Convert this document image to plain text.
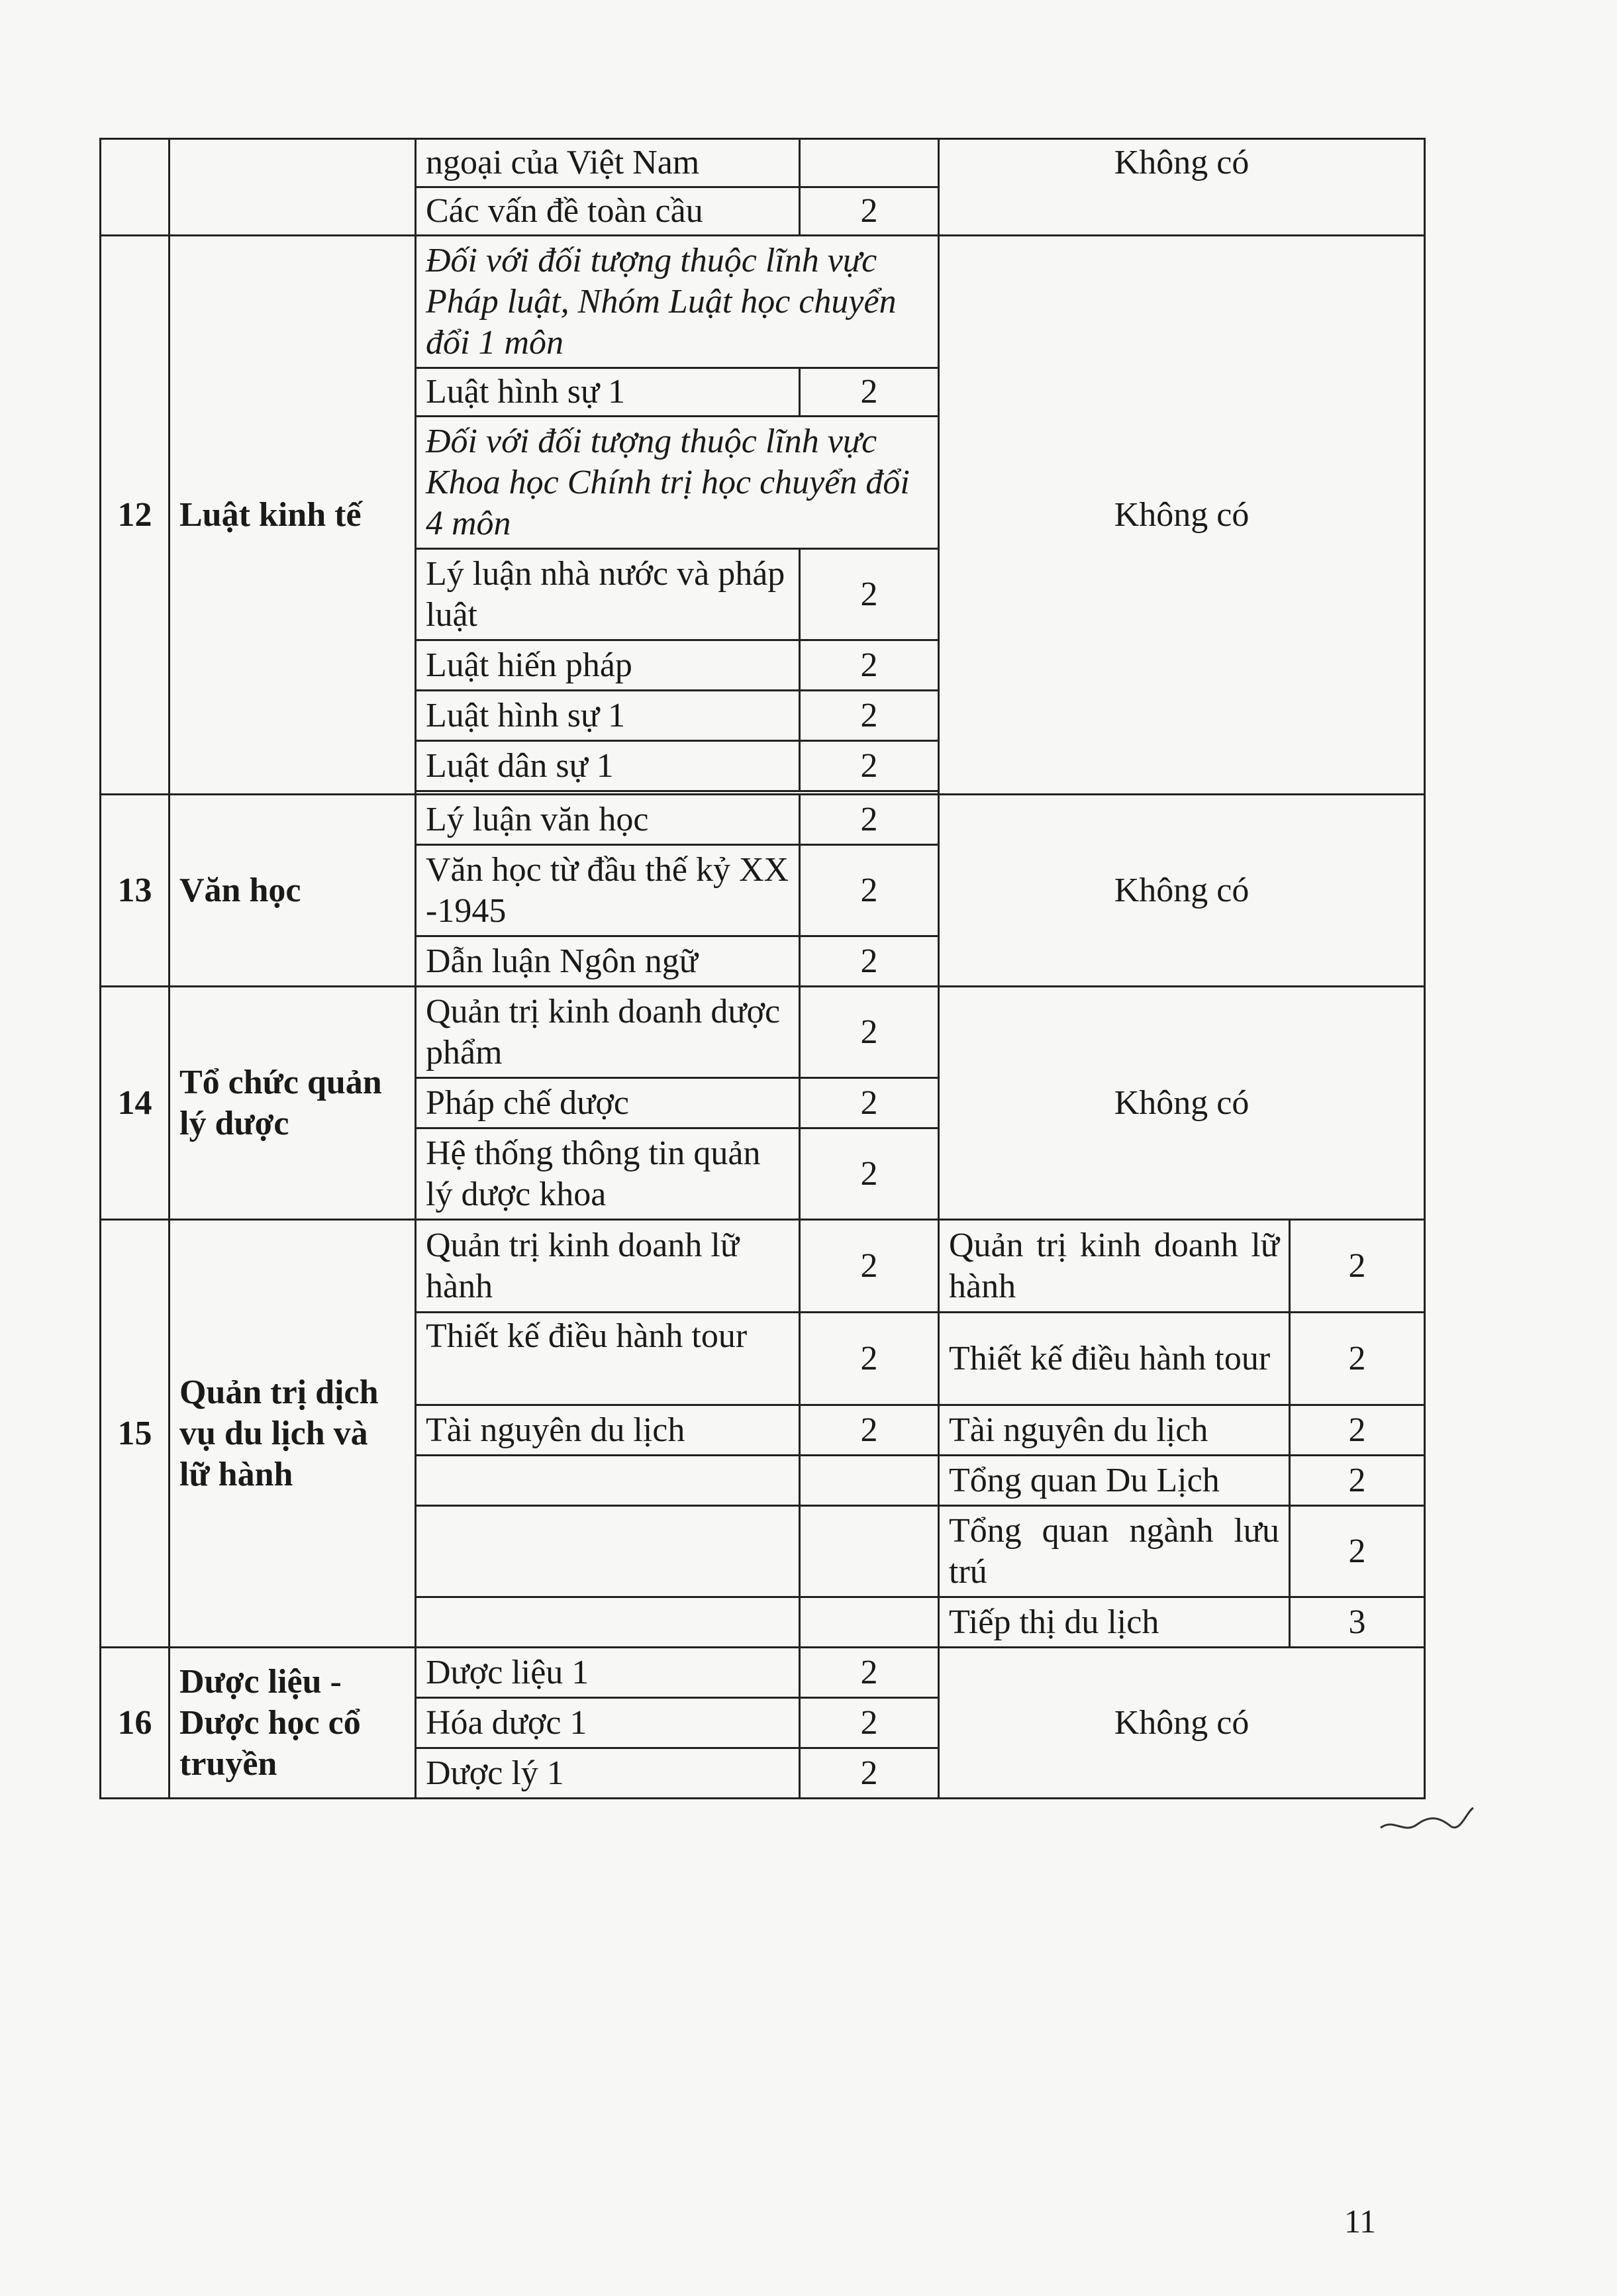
		ngoại của Việt Nam		Không có	
		Các vấn đề toàn cầu	2		
12	Luật kinh tế	Đối với đối tượng thuộc lĩnh vực Pháp luật, Nhóm Luật học chuyển đổi 1 môn		Không có	
		Luật hình sự 1	2		
		Đối với đối tượng thuộc lĩnh vực Khoa học Chính trị học chuyển đổi 4 môn			
		Lý luận nhà nước và pháp luật	2		
		Luật hiến pháp	2		
		Luật hình sự 1	2		
		Luật dân sự 1	2		

13	Văn học	Lý luận văn học	2	Không có	
		Văn học từ đầu thế kỷ XX -1945	2		
		Dẫn luận Ngôn ngữ	2		
14	Tổ chức quản lý dược	Quản trị kinh doanh dược phẩm	2	Không có	
		Pháp chế dược	2		
		Hệ thống thông tin quản lý dược khoa	2		
15	Quản trị dịch vụ du lịch và lữ hành	Quản trị kinh doanh lữ hành	2	Quản trị kinh doanh lữ hành	2
		Thiết kế điều hành tour	2	Thiết kế điều hành tour	2
		Tài nguyên du lịch	2	Tài nguyên du lịch	2
				Tổng quan Du Lịch	2
				Tổng quan ngành lưu trú	2
				Tiếp thị du lịch	3
16	Dược liệu - Dược học cổ truyền	Dược liệu 1	2	Không có	
		Hóa dược 1	2		
		Dược lý 1	2		
11
